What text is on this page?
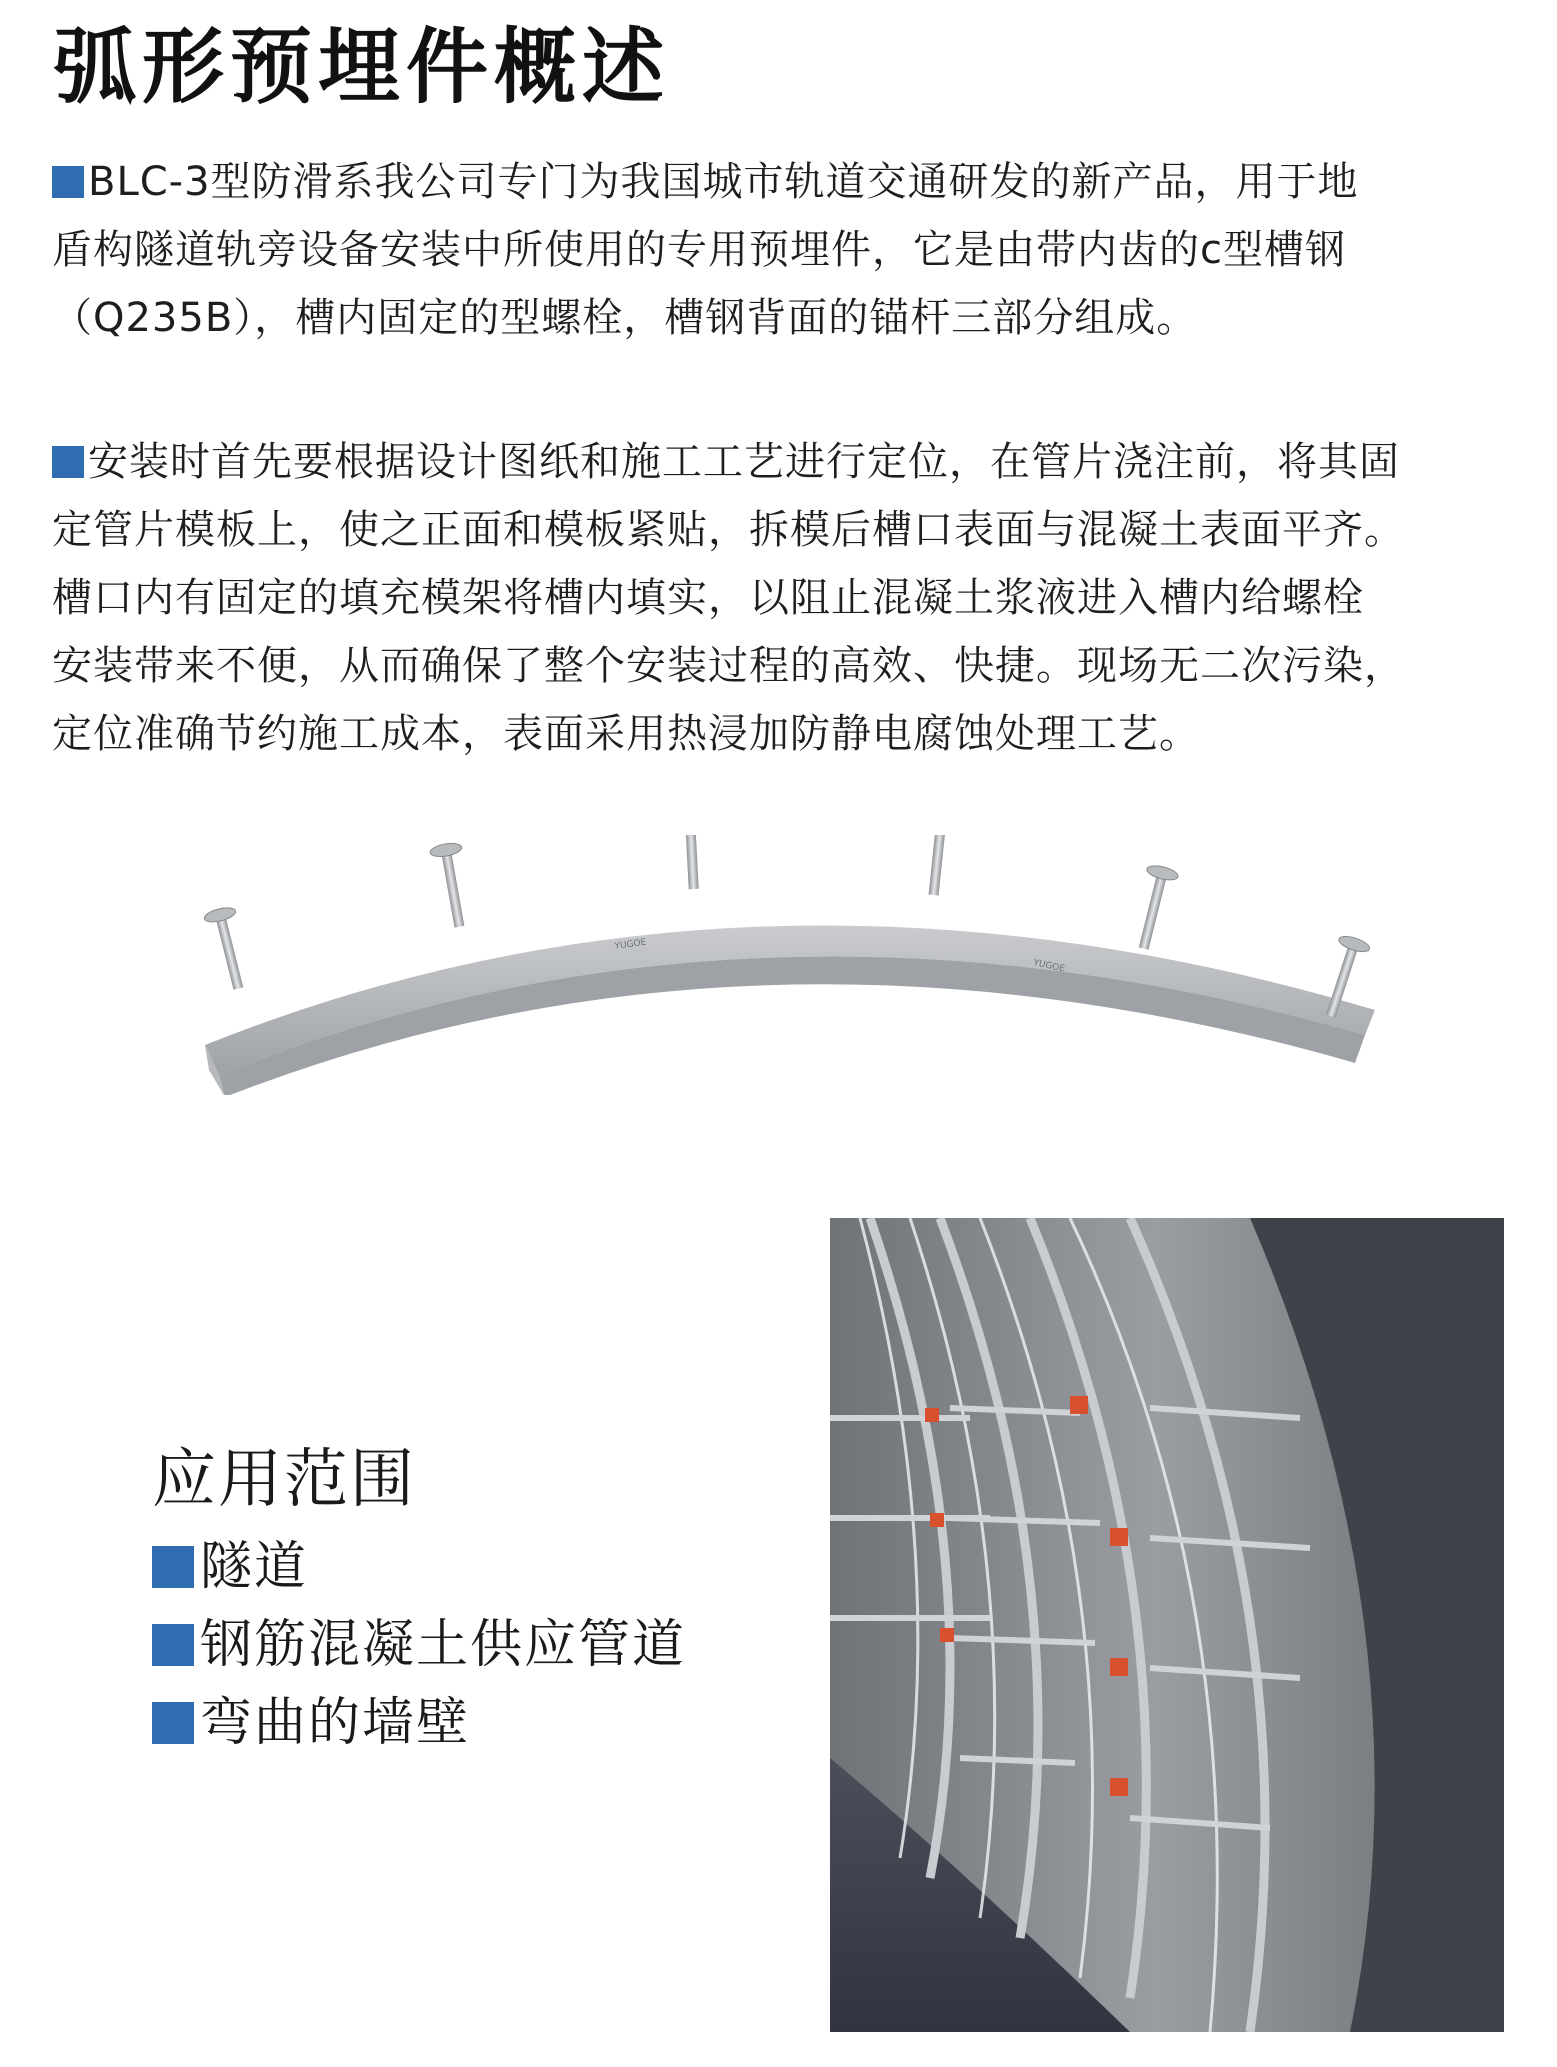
弧形预埋件概述

BLC-3型防滑系我公司专门为我国城市轨道交通研发的新产品，用于地

盾构隧道轨旁设备安装中所使用的专用预埋件，它是由带内齿的c型槽钢

（Q235B），槽内固定的型螺栓，槽钢背面的锚杆三部分组成。

安装时首先要根据设计图纸和施工工艺进行定位，在管片浇注前，将其固

定管片模板上，使之正面和模板紧贴，拆模后槽口表面与混凝土表面平齐。

槽口内有固定的填充模架将槽内填实，以阻止混凝土浆液进入槽内给螺栓

安装带来不便，从而确保了整个安装过程的高效、快捷。现场无二次污染，

定位准确节约施工成本，表面采用热浸加防静电腐蚀处理工艺。

YUGOE
YUGOE
应用范围
隧道
钢筋混凝土供应管道
弯曲的墙壁
